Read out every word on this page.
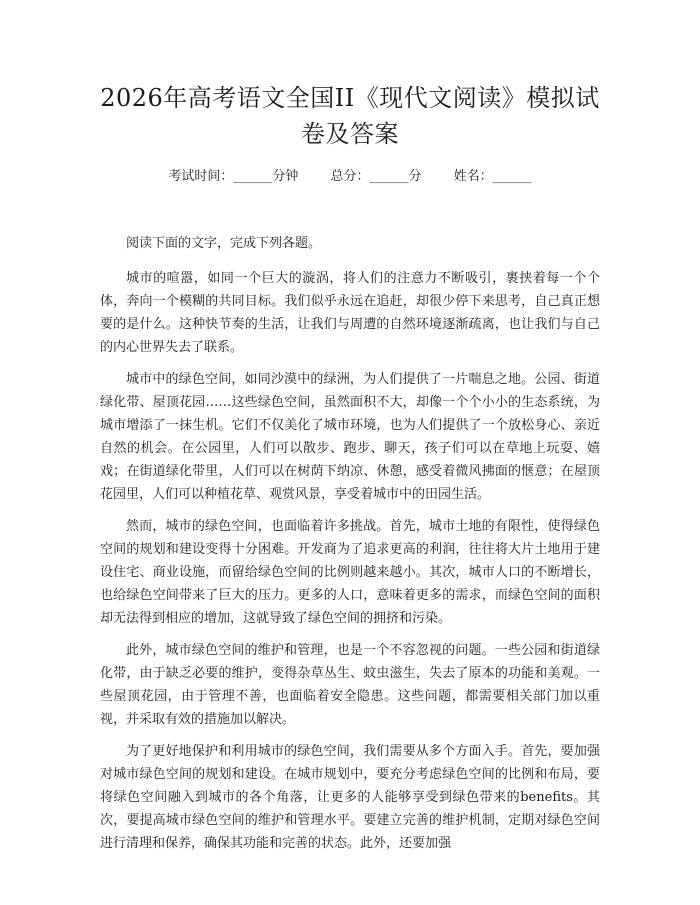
2026年高考语文全国II《现代文阅读》模拟试卷及答案
考试时间：______分钟 总分：______分 姓名：______

阅读下面的文字，完成下列各题。

城市的喧嚣，如同一个巨大的漩涡，将人们的注意力不断吸引，裹挟着每一个个体，奔向一个模糊的共同目标。我们似乎永远在追赶，却很少停下来思考，自己真正想要的是什么。这种快节奏的生活，让我们与周遭的自然环境逐渐疏离，也让我们与自己的内心世界失去了联系。

城市中的绿色空间，如同沙漠中的绿洲，为人们提供了一片喘息之地。公园、街道绿化带、屋顶花园……这些绿色空间，虽然面积不大，却像一个个小小的生态系统，为城市增添了一抹生机。它们不仅美化了城市环境，也为人们提供了一个放松身心、亲近自然的机会。在公园里，人们可以散步、跑步、聊天，孩子们可以在草地上玩耍、嬉戏；在街道绿化带里，人们可以在树荫下纳凉、休憩，感受着微风拂面的惬意；在屋顶花园里，人们可以种植花草、观赏风景，享受着城市中的田园生活。

然而，城市的绿色空间，也面临着许多挑战。首先，城市土地的有限性，使得绿色空间的规划和建设变得十分困难。开发商为了追求更高的利润，往往将大片土地用于建设住宅、商业设施，而留给绿色空间的比例则越来越小。其次，城市人口的不断增长，也给绿色空间带来了巨大的压力。更多的人口，意味着更多的需求，而绿色空间的面积却无法得到相应的增加，这就导致了绿色空间的拥挤和污染。

此外，城市绿色空间的维护和管理，也是一个不容忽视的问题。一些公园和街道绿化带，由于缺乏必要的维护，变得杂草丛生、蚊虫滋生，失去了原本的功能和美观。一些屋顶花园，由于管理不善，也面临着安全隐患。这些问题，都需要相关部门加以重视，并采取有效的措施加以解决。

为了更好地保护和利用城市的绿色空间，我们需要从多个方面入手。首先，要加强对城市绿色空间的规划和建设。在城市规划中，要充分考虑绿色空间的比例和布局，要将绿色空间融入到城市的各个角落，让更多的人能够享受到绿色带来的benefits。其次，要提高城市绿色空间的维护和管理水平。要建立完善的维护机制，定期对绿色空间进行清理和保养，确保其功能和完善的状态。此外，还要加强
